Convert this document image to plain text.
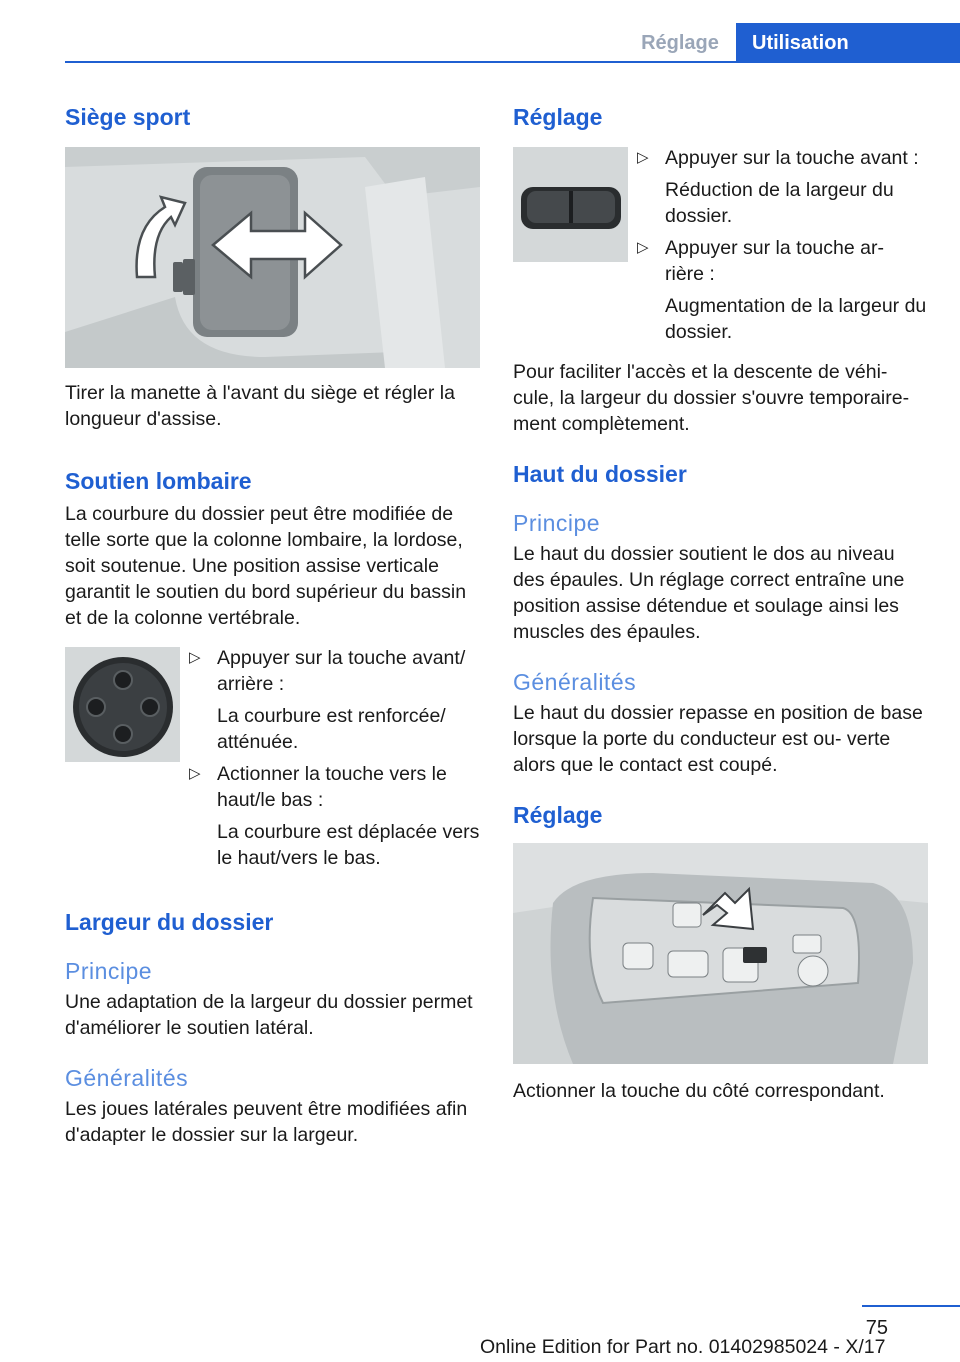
Réglage	Utilisation
Siège sport
Tirer la manette à l'avant du siège et régler la longueur d'assise.
Soutien lombaire
La courbure du dossier peut être modifiée de telle sorte que la colonne lombaire, la lordose, soit soutenue. Une position assise verticale garantit le soutien du bord supérieur du bassin et de la colonne vertébrale.
▷ Appuyer sur la touche avant/ arrière :
La courbure est renforcée/ atténuée.
▷ Actionner la touche vers le haut/le bas :
La courbure est déplacée vers le haut/vers le bas.
Largeur du dossier
Principe
Une adaptation de la largeur du dossier permet d'améliorer le soutien latéral.
Généralités
Les joues latérales peuvent être modifiées afin d'adapter le dossier sur la largeur.
Réglage
▷ Appuyer sur la touche avant :
Réduction de la largeur du dossier.
▷ Appuyer sur la touche ar‐ rière :
Augmentation de la largeur du dossier.
Pour faciliter l'accès et la descente de véhi‐ cule, la largeur du dossier s'ouvre temporaire‐ ment complètement.
Haut du dossier
Principe
Le haut du dossier soutient le dos au niveau des épaules. Un réglage correct entraîne une position assise détendue et soulage ainsi les muscles des épaules.
Généralités
Le haut du dossier repasse en position de base lorsque la porte du conducteur est ou‐ verte alors que le contact est coupé.
Réglage
Actionner la touche du côté correspondant.
75
Online Edition for Part no. 01402985024 - X/17
